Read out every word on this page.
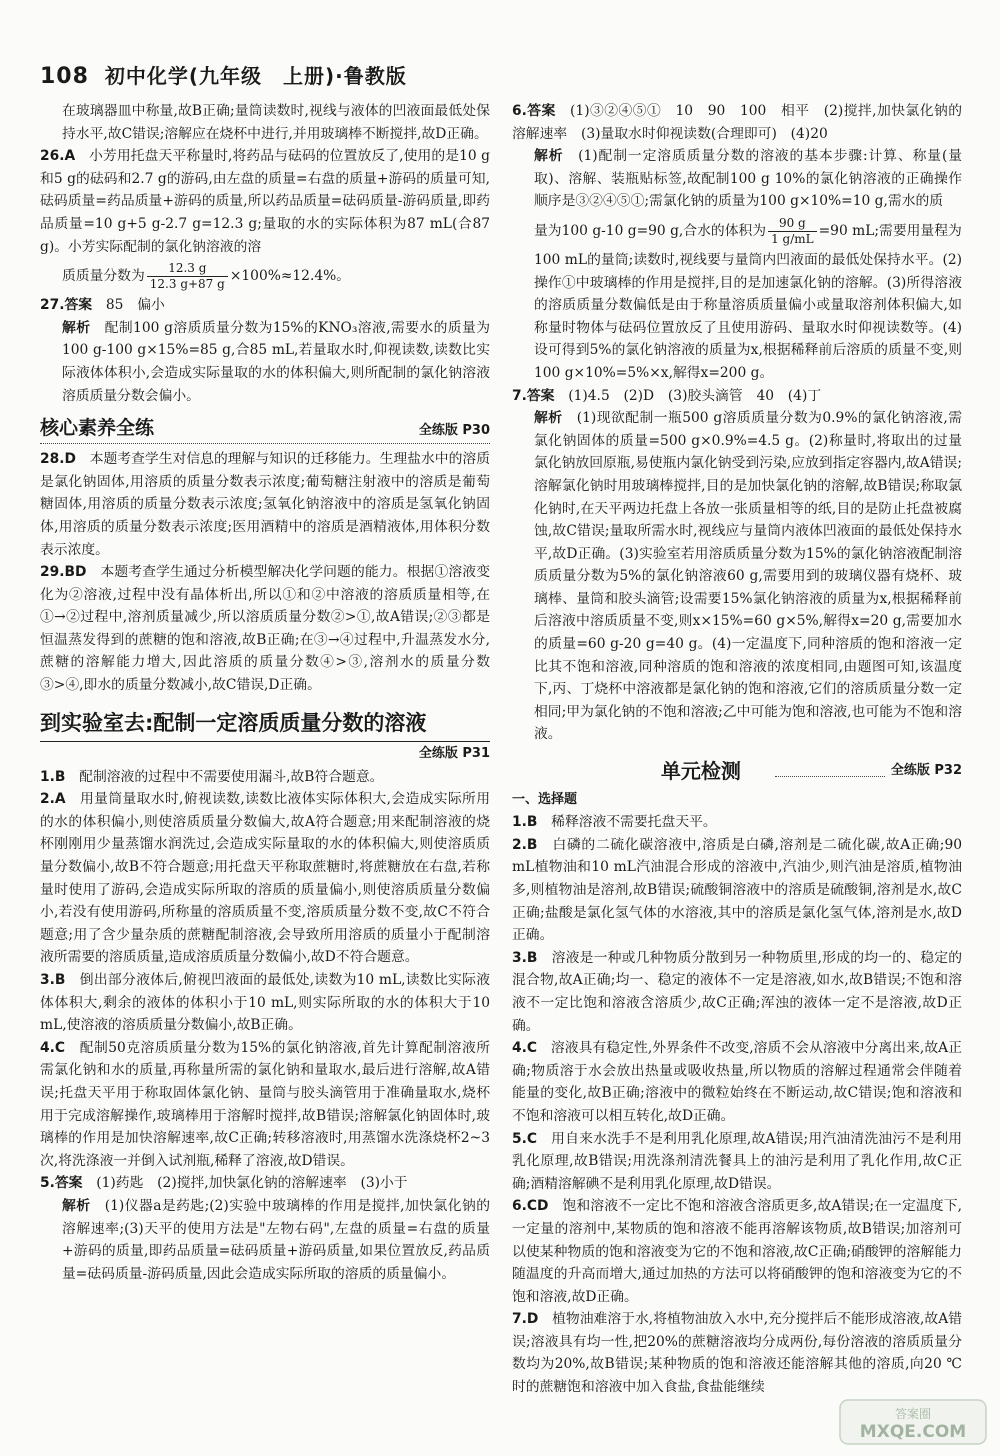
108 初中化学(九年级　上册)·鲁教版

在玻璃器皿中称量,故B正确;量筒读数时,视线与液体的凹液面最低处保持水平,故C错误;溶解应在烧杯中进行,并用玻璃棒不断搅拌,故D正确。

26.A　 小芳用托盘天平称量时,将药品与砝码的位置放反了,使用的是10 g和5 g的砝码和2.7 g的游码,由左盘的质量=右盘的质量+游码的质量可知,砝码质量=药品质量+游码的质量,所以药品质量=砝码质量-游码质量,即药品质量=10 g+5 g-2.7 g=12.3 g;量取的水的实际体积为87 mL(合87 g)。小芳实际配制的氯化钠溶液的溶

质质量分数为 $\frac{12.3 g}{12.3 g+87 g} \times 100\%\approx 12.4\%$。

27.答案　 85　偏小

解析　 配制100 g溶质质量分数为15%的KNO₃溶液,需要水的质量为100 g-100 g×15%=85 g,合85 mL,若量取水时,仰视读数,读数比实际液体体积小,会造成实际量取的水的体积偏大,则所配制的氯化钠溶液溶质质量分数会偏小。

核心素养全练	全练版 P30

28.D　 本题考查学生对信息的理解与知识的迁移能力。生理盐水中的溶质是氯化钠固体,用溶质的质量分数表示浓度;葡萄糖注射液中的溶质是葡萄糖固体,用溶质的质量分数表示浓度;氢氧化钠溶液中的溶质是氢氧化钠固体,用溶质的质量分数表示浓度;医用酒精中的溶质是酒精液体,用体积分数表示浓度。

29.BD　 本题考查学生通过分析模型解决化学问题的能力。根据①溶液变化为②溶液,过程中没有晶体析出,所以①和②中溶液的溶质质量相等,在①→②过程中,溶剂质量减少,所以溶质质量分数②>①,故A错误;②③都是恒温蒸发得到的蔗糖的饱和溶液,故B正确;在③→④过程中,升温蒸发水分,蔗糖的溶解能力增大,因此溶质的质量分数④>③,溶剂水的质量分数③>④,即水的质量分数减小,故C错误,D正确。

到实验室去:配制一定溶质质量分数的溶液
全练版 P31

1.B　 配制溶液的过程中不需要使用漏斗,故B符合题意。

2.A　 用量筒量取水时,俯视读数,读数比液体实际体积大,会造成实际所用的水的体积偏小,则使溶质质量分数偏大,故A符合题意;用来配制溶液的烧杯刚刚用少量蒸馏水润洗过,会造成实际量取的水的体积偏大,则使溶质质量分数偏小,故B不符合题意;用托盘天平称取蔗糖时,将蔗糖放在右盘,若称量时使用了游码,会造成实际所取的溶质的质量偏小,则使溶质质量分数偏小,若没有使用游码,所称量的溶质质量不变,溶质质量分数不变,故C不符合题意;用了含少量杂质的蔗糖配制溶液,会导致所用溶质的质量小于配制溶液所需要的溶质质量,造成溶质质量分数偏小,故D不符合题意。

3.B　 倒出部分液体后,俯视凹液面的最低处,读数为10 mL,读数比实际液体体积大,剩余的液体的体积小于10 mL,则实际所取的水的体积大于10 mL,使溶液的溶质质量分数偏小,故B正确。

4.C　 配制50克溶质质量分数为15%的氯化钠溶液,首先计算配制溶液所需氯化钠和水的质量,再称量所需的氯化钠和量取水,最后进行溶解,故A错误;托盘天平用于称取固体氯化钠、量筒与胶头滴管用于准确量取水,烧杯用于完成溶解操作,玻璃棒用于溶解时搅拌,故B错误;溶解氯化钠固体时,玻璃棒的作用是加快溶解速率,故C正确;转移溶液时,用蒸馏水洗涤烧杯2~3次,将洗涤液一并倒入试剂瓶,稀释了溶液,故D错误。

5.答案　 (1)药匙　(2)搅拌,加快氯化钠的溶解速率　(3)小于

解析　 (1)仪器a是药匙;(2)实验中玻璃棒的作用是搅拌,加快氯化钠的溶解速率;(3)天平的使用方法是"左物右码",左盘的质量=右盘的质量+游码的质量,即药品质量=砝码质量+游码质量,如果位置放反,药品质量=砝码质量-游码质量,因此会造成实际所取的溶质的质量偏小。

6.答案　 (1)③②④⑤①　10　90　100　相平　(2)搅拌,加快氯化钠的溶解速率　(3)量取水时仰视读数(合理即可)　(4)20

解析　 (1)配制一定溶质质量分数的溶液的基本步骤:计算、称量(量取)、溶解、装瓶贴标签,故配制100 g 10%的氯化钠溶液的正确操作顺序是③②④⑤①;需氯化钠的质量为100 g×10%=10 g,需水的质

量为100 g-10 g=90 g,合水的体积为 $\frac{90 g}{1 g/mL} =90$ mL;需要用量程为

100 mL的量筒;读数时,视线要与量筒内凹液面的最低处保持水平。(2)操作①中玻璃棒的作用是搅拌,目的是加速氯化钠的溶解。(3)所得溶液的溶质质量分数偏低是由于称量溶质质量偏小或量取溶剂体积偏大,如称量时物体与砝码位置放反了且使用游码、量取水时仰视读数等。(4)设可得到5%的氯化钠溶液的质量为x,根据稀释前后溶质的质量不变,则100 g×10%=5%×x,解得x=200 g。

7.答案　 (1)4.5　(2)D　(3)胶头滴管　40　(4)丁

解析　 (1)现欲配制一瓶500 g溶质质量分数为0.9%的氯化钠溶液,需氯化钠固体的质量=500 g×0.9%=4.5 g。(2)称量时,将取出的过量氯化钠放回原瓶,易使瓶内氯化钠受到污染,应放到指定容器内,故A错误;溶解氯化钠时用玻璃棒搅拌,目的是加快氯化钠的溶解,故B错误;称取氯化钠时,在天平两边托盘上各放一张质量相等的纸,目的是防止托盘被腐蚀,故C错误;量取所需水时,视线应与量筒内液体凹液面的最低处保持水平,故D正确。(3)实验室若用溶质质量分数为15%的氯化钠溶液配制溶质质量分数为5%的氯化钠溶液60 g,需要用到的玻璃仪器有烧杯、玻璃棒、量筒和胶头滴管;设需要15%氯化钠溶液的质量为x,根据稀释前后溶液中溶质质量不变,则x×15%=60 g×5%,解得x=20 g,需要加水的质量=60 g-20 g=40 g。(4)一定温度下,同种溶质的饱和溶液一定比其不饱和溶液,同种溶质的饱和溶液的浓度相同,由题图可知,该温度下,丙、丁烧杯中溶液都是氯化钠的饱和溶液,它们的溶质质量分数一定相同;甲为氯化钠的不饱和溶液;乙中可能为饱和溶液,也可能为不饱和溶液。

单元检测	全练版 P32
一、选择题

1.B　 稀释溶液不需要托盘天平。

2.B　 白磷的二硫化碳溶液中,溶质是白磷,溶剂是二硫化碳,故A正确;90 mL植物油和10 mL汽油混合形成的溶液中,汽油少,则汽油是溶质,植物油多,则植物油是溶剂,故B错误;硫酸铜溶液中的溶质是硫酸铜,溶剂是水,故C正确;盐酸是氯化氢气体的水溶液,其中的溶质是氯化氢气体,溶剂是水,故D正确。

3.B　 溶液是一种或几种物质分散到另一种物质里,形成的均一的、稳定的混合物,故A正确;均一、稳定的液体不一定是溶液,如水,故B错误;不饱和溶液不一定比饱和溶液含溶质少,故C正确;浑浊的液体一定不是溶液,故D正确。

4.C　 溶液具有稳定性,外界条件不改变,溶质不会从溶液中分离出来,故A正确;物质溶于水会放出热量或吸收热量,所以物质的溶解过程通常会伴随着能量的变化,故B正确;溶液中的微粒始终在不断运动,故C错误;饱和溶液和不饱和溶液可以相互转化,故D正确。

5.C　 用自来水洗手不是利用乳化原理,故A错误;用汽油清洗油污不是利用乳化原理,故B错误;用洗涤剂清洗餐具上的油污是利用了乳化作用,故C正确;酒精溶解碘不是利用乳化原理,故D错误。

6.CD　 饱和溶液不一定比不饱和溶液含溶质更多,故A错误;在一定温度下,一定量的溶剂中,某物质的饱和溶液不能再溶解该物质,故B错误;加溶剂可以使某种物质的饱和溶液变为它的不饱和溶液,故C正确;硝酸钾的溶解能力随温度的升高而增大,通过加热的方法可以将硝酸钾的饱和溶液变为它的不饱和溶液,故D正确。

7.D　 植物油难溶于水,将植物油放入水中,充分搅拌后不能形成溶液,故A错误;溶液具有均一性,把20%的蔗糖溶液均分成两份,每份溶液的溶质质量分数均为20%,故B错误;某种物质的饱和溶液还能溶解其他的溶质,向20 ℃时的蔗糖饱和溶液中加入食盐,食盐能继续

答案圈
MXQE.COM
